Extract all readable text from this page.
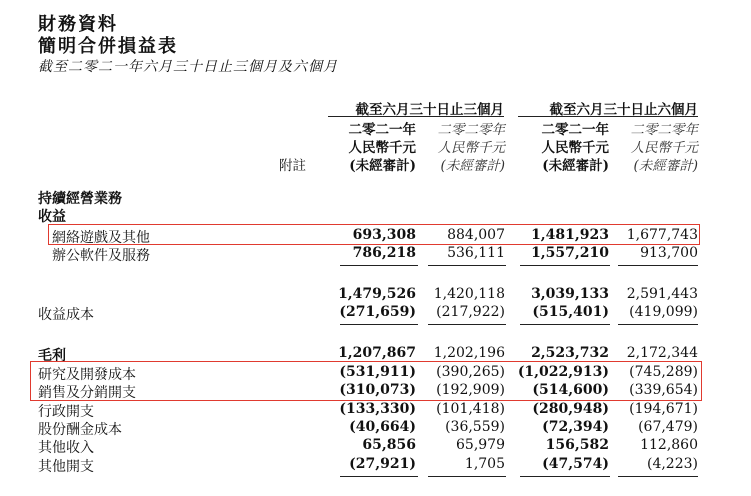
財務資料
簡明合併損益表
截至二零二一年六月三十日止三個月及六個月
截至六月三十日止三個月	截至六月三十日止六個月
二零二一年 二零二零年	二零二一年 二零二零年
人民幣千元 人民幣千元	人民幣千元 人民幣千元
附註	(未經審計) (未經審計)	(未經審計) (未經審計)
持續經營業務
收益
網絡遊戲及其他	693,308 884,007 1,481,923 1,677,743
辦公軟件及服務	786,218 536,111 1,557,210 913,700
1,479,526 1,420,118 3,039,133 2,591,443
收益成本	(271,659) (217,922) (515,401) (419,099)
毛利	1,207,867 1,202,196 2,523,732 2,172,344
研究及開發成本	(531,911) (390,265) (1,022,913) (745,289)
銷售及分銷開支	(310,073) (192,909) (514,600) (339,654)
行政開支	(133,330) (101,418) (280,948) (194,671)
股份酬金成本	(40,664) (36,559)	(72,394) (67,479)
其他收入	65,856	65,979	156,582 112,860
其他開支	(27,921)	1,705	(47,574)	(4,223)
